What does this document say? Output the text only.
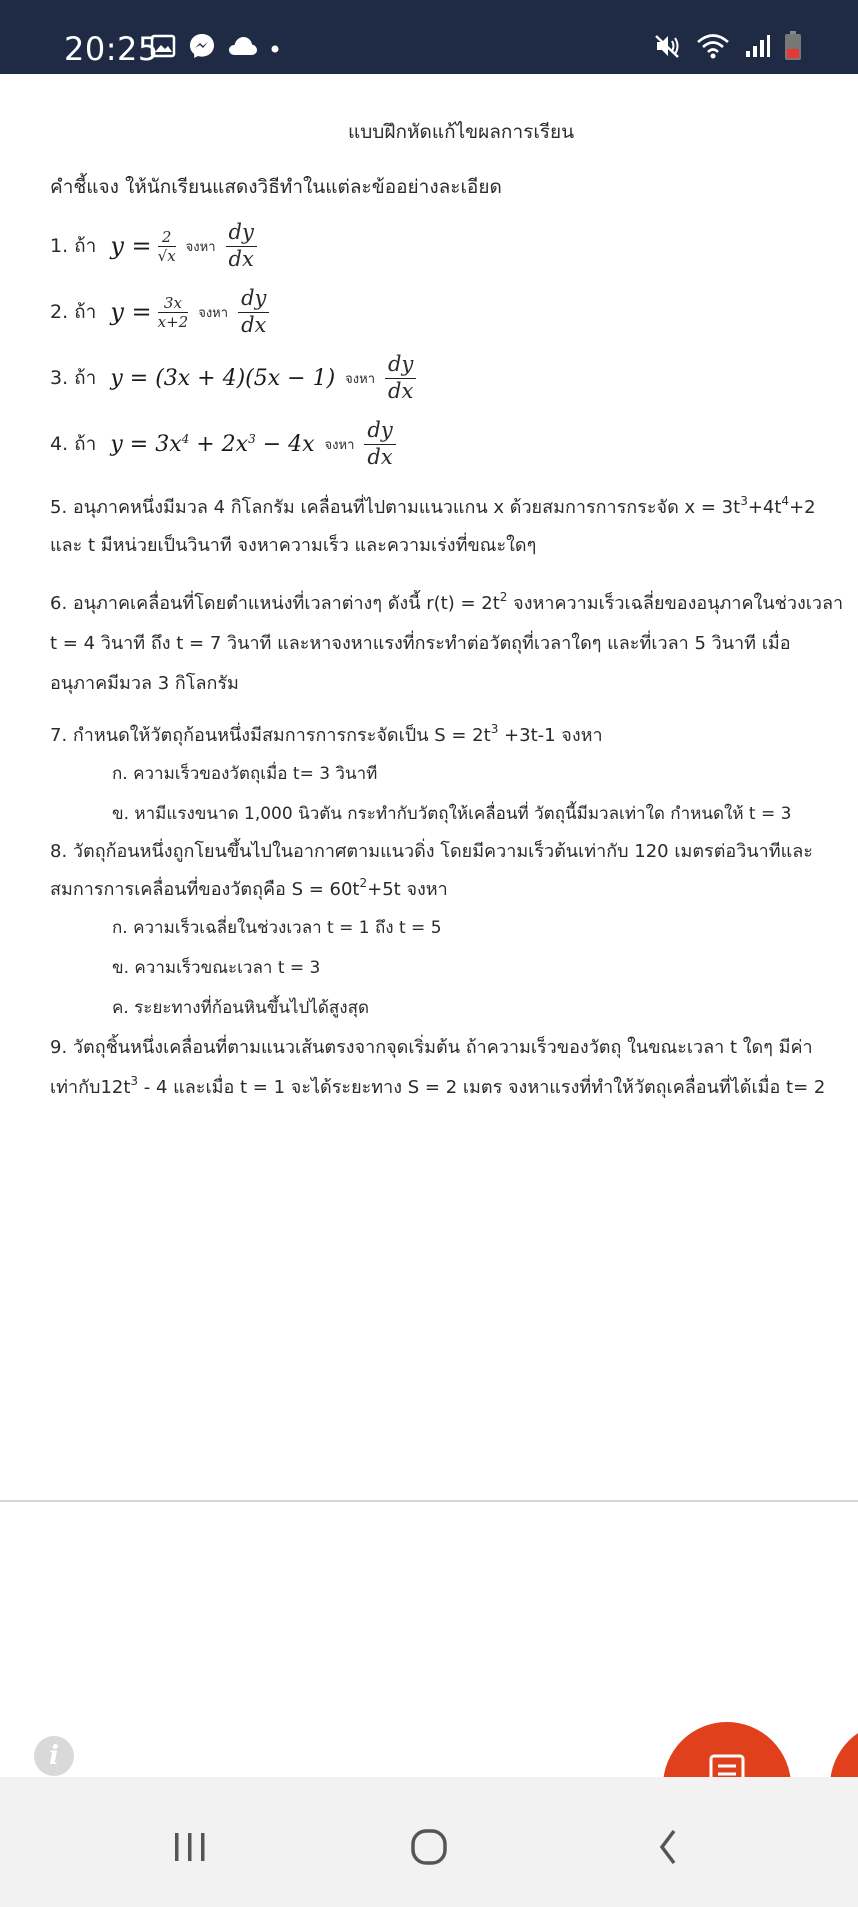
20:25
แบบฝึกหัดแก้ไขผลการเรียน
คำชี้แจง ให้นักเรียนแสดงวิธีทำในแต่ละข้ออย่างละเอียด
1. ถ้า $y = \frac{2}{√x}$ จงหา $\frac{dy}{dx}$
2. ถ้า $y = \frac{3x}{x+2}$ จงหา $\frac{dy}{dx}$
3. ถ้า y = (3x + 4)(5x − 1) จงหา $\frac{dy}{dx}$
4. ถ้า $y = 3x^4 + 2x^3 - 4x$ จงหา $\frac{dy}{dx}$
5. อนุภาคหนึ่งมีมวล 4 กิโลกรัม เคลื่อนที่ไปตามแนวแกน x ด้วยสมการการกระจัด $x = 3t^3+4t^4+2$
และ t มีหน่วยเป็นวินาที จงหาความเร็ว และความเร่งที่ขณะใดๆ
6. อนุภาคเคลื่อนที่โดยตำแหน่งที่เวลาต่างๆ ดังนี้ $r(t) = 2t^2$ จงหาความเร็วเฉลี่ยของอนุภาคในช่วงเวลา
t = 4 วินาที ถึง t = 7 วินาที และหาจงหาแรงที่กระทำต่อวัตถุที่เวลาใดๆ และที่เวลา 5 วินาที เมื่อ
อนุภาคมีมวล 3 กิโลกรัม
7. กำหนดให้วัตถุก้อนหนึ่งมีสมการการกระจัดเป็น $S = 2t^3 +3t-1$ จงหา
ก. ความเร็วของวัตถุเมื่อ t= 3 วินาที
ข. หามีแรงขนาด 1,000 นิวตัน กระทำกับวัตถุให้เคลื่อนที่ วัตถุนี้มีมวลเท่าใด กำหนดให้ t = 3
8. วัตถุก้อนหนึ่งถูกโยนขึ้นไปในอากาศตามแนวดิ่ง โดยมีความเร็วต้นเท่ากับ 120 เมตรต่อวินาทีและ
สมการการเคลื่อนที่ของวัตถุคือ $S = 60t^2+5t$ จงหา
ก. ความเร็วเฉลี่ยในช่วงเวลา t = 1 ถึง t = 5
ข. ความเร็วขณะเวลา t = 3
ค. ระยะทางที่ก้อนหินขึ้นไปได้สูงสุด
9. วัตถุชิ้นหนึ่งเคลื่อนที่ตามแนวเส้นตรงจากจุดเริ่มต้น ถ้าความเร็วของวัตถุ ในขณะเวลา t ใดๆ มีค่า
เท่ากับ$12t^3 - 4$ และเมื่อ t = 1 จะได้ระยะทาง S = 2 เมตร จงหาแรงที่ทำให้วัตถุเคลื่อนที่ได้เมื่อ t= 2
i
